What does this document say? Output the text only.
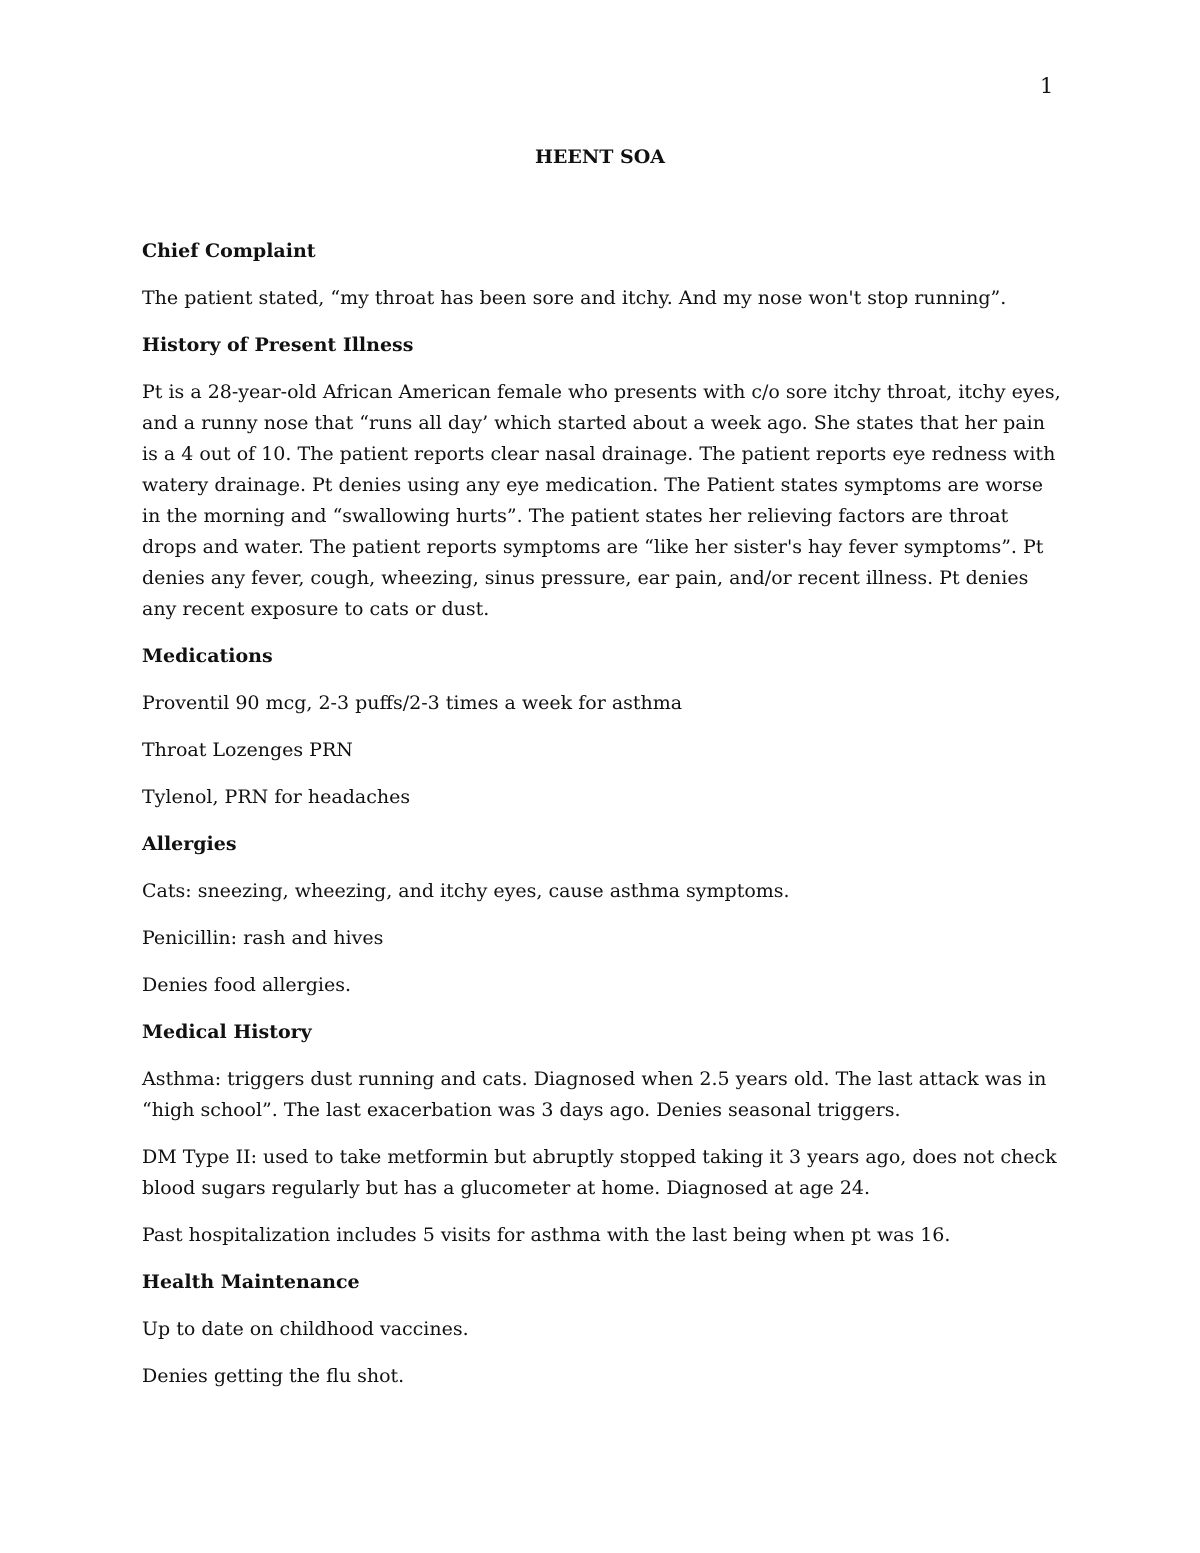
1
HEENT SOA
Chief Complaint
The patient stated, “my throat has been sore and itchy. And my nose won't stop running”.
History of Present Illness
Pt is a 28-year-old African American female who presents with c/o sore itchy throat, itchy eyes, and a runny nose that “runs all day’ which started about a week ago. She states that her pain is a 4 out of 10. The patient reports clear nasal drainage. The patient reports eye redness with watery drainage. Pt denies using any eye medication. The Patient states symptoms are worse in the morning and “swallowing hurts”. The patient states her relieving factors are throat drops and water. The patient reports symptoms are “like her sister's hay fever symptoms”. Pt denies any fever, cough, wheezing, sinus pressure, ear pain, and/or recent illness. Pt denies any recent exposure to cats or dust.
Medications
Proventil 90 mcg, 2-3 puffs/2-3 times a week for asthma
Throat Lozenges PRN
Tylenol, PRN for headaches
Allergies
Cats: sneezing, wheezing, and itchy eyes, cause asthma symptoms.
Penicillin: rash and hives
Denies food allergies.
Medical History
Asthma: triggers dust running and cats. Diagnosed when 2.5 years old. The last attack was in “high school”. The last exacerbation was 3 days ago. Denies seasonal triggers.
DM Type II: used to take metformin but abruptly stopped taking it 3 years ago, does not check blood sugars regularly but has a glucometer at home. Diagnosed at age 24.
Past hospitalization includes 5 visits for asthma with the last being when pt was 16.
Health Maintenance
Up to date on childhood vaccines.
Denies getting the flu shot.
